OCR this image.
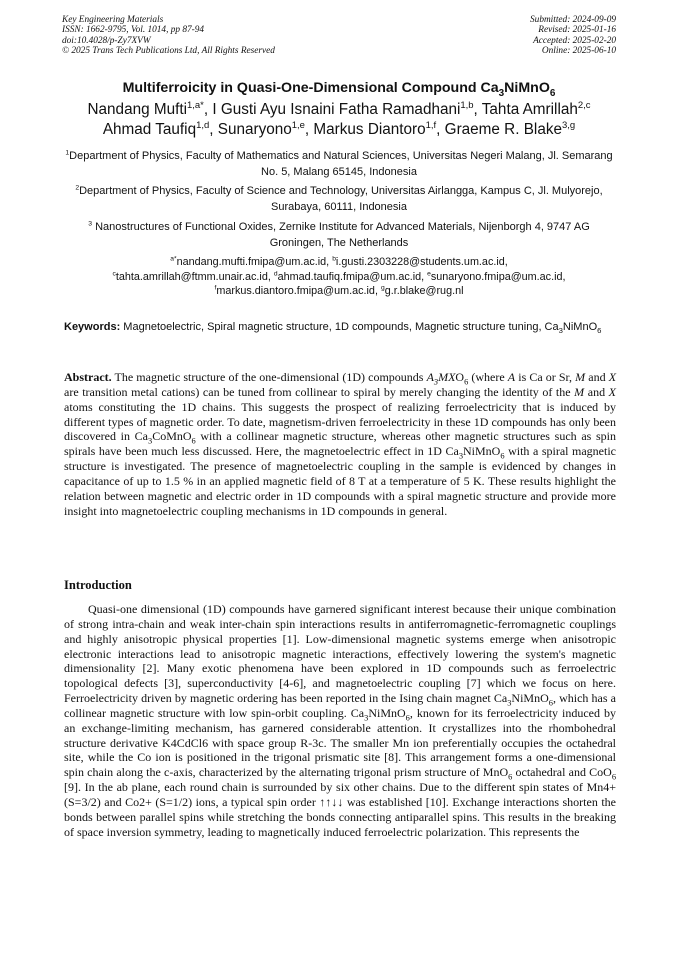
Key Engineering Materials
ISSN: 1662-9795, Vol. 1014, pp 87-94
doi:10.4028/p-Zy7XVW
© 2025 Trans Tech Publications Ltd, All Rights Reserved
Submitted: 2024-09-09
Revised: 2025-01-16
Accepted: 2025-02-20
Online: 2025-06-10
Multiferroicity in Quasi-One-Dimensional Compound $Ca_3NiMnO_6$
Nandang Mufti$^{1,a*}$, I Gusti Ayu Isnaini Fatha Ramadhani$^{1,b}$, Tahta Amrillah$^{2,c}$
Ahmad Taufiq$^{1,d}$, Sunaryono$^{1,e}$, Markus Diantoro$^{1,f}$, Graeme R. Blake$^{3,g}$
$^1$Department of Physics, Faculty of Mathematics and Natural Sciences, Universitas Negeri Malang, Jl. Semarang No. 5, Malang 65145, Indonesia
$^2$Department of Physics, Faculty of Science and Technology, Universitas Airlangga, Kampus C, Jl. Mulyorejo, Surabaya, 60111, Indonesia
$^3$ Nanostructures of Functional Oxides, Zernike Institute for Advanced Materials, Nijenborgh 4, 9747 AG Groningen, The Netherlands
$^{a*}$nandang.mufti.fmipa@um.ac.id, $^b$i.gusti.2303228@students.um.ac.id,
$^c$tahta.amrillah@ftmm.unair.ac.id, $^d$ahmad.taufiq.fmipa@um.ac.id, $^e$sunaryono.fmipa@um.ac.id,
$^f$markus.diantoro.fmipa@um.ac.id, $^g$g.r.blake@rug.nl
Keywords: Magnetoelectric, Spiral magnetic structure, 1D compounds, Magnetic structure tuning, $Ca_3NiMnO_6$

Abstract. The magnetic structure of the one-dimensional (1D) compounds $A_3MXO_6$ (where A is Ca or Sr, M and X are transition metal cations) can be tuned from collinear to spiral by merely changing the identity of the M and X atoms constituting the 1D chains. This suggests the prospect of realizing ferroelectricity that is induced by different types of magnetic order. To date, magnetism-driven ferroelectricity in these 1D compounds has only been discovered in $Ca_3CoMnO_6$ with a collinear magnetic structure, whereas other magnetic structures such as spin spirals have been much less discussed. Here, the magnetoelectric effect in 1D $Ca_3NiMnO_6$ with a spiral magnetic structure is investigated. The presence of magnetoelectric coupling in the sample is evidenced by changes in capacitance of up to 1.5 % in an applied magnetic field of 8 T at a temperature of 5 K. These results highlight the relation between magnetic and electric order in 1D compounds with a spiral magnetic structure and provide more insight into magnetoelectric coupling mechanisms in 1D compounds in general.

Introduction

Quasi-one dimensional (1D) compounds have garnered significant interest because their unique combination of strong intra-chain and weak inter-chain spin interactions results in antiferromagnetic-ferromagnetic couplings and highly anisotropic physical properties [1]. Low-dimensional magnetic systems emerge when anisotropic electronic interactions lead to anisotropic magnetic interactions, effectively lowering the system's magnetic dimensionality [2]. Many exotic phenomena have been explored in 1D compounds such as ferroelectric topological defects [3], superconductivity [4-6], and magnetoelectric coupling [7] which we focus on here. Ferroelectricity driven by magnetic ordering has been reported in the Ising chain magnet $Ca_3NiMnO_6$, which has a collinear magnetic structure with low spin-orbit coupling. $Ca_3NiMnO_6$, known for its ferroelectricity induced by an exchange-limiting mechanism, has garnered considerable attention. It crystallizes into the rhombohedral structure derivative K4CdCl6 with space group R-3c. The smaller Mn ion preferentially occupies the octahedral site, while the Co ion is positioned in the trigonal prismatic site [8]. This arrangement forms a one-dimensional spin chain along the c-axis, characterized by the alternating trigonal prism structure of MnO$_6$ octahedral and CoO$_6$ [9]. In the ab plane, each round chain is surrounded by six other chains. Due to the different spin states of Mn4+ (S=3/2) and Co2+ (S=1/2) ions, a typical spin order ↑↑↓↓ was established [10]. Exchange interactions shorten the bonds between parallel spins while stretching the bonds connecting antiparallel spins. This results in the breaking of space inversion symmetry, leading to magnetically induced ferroelectric polarization. This represents the
